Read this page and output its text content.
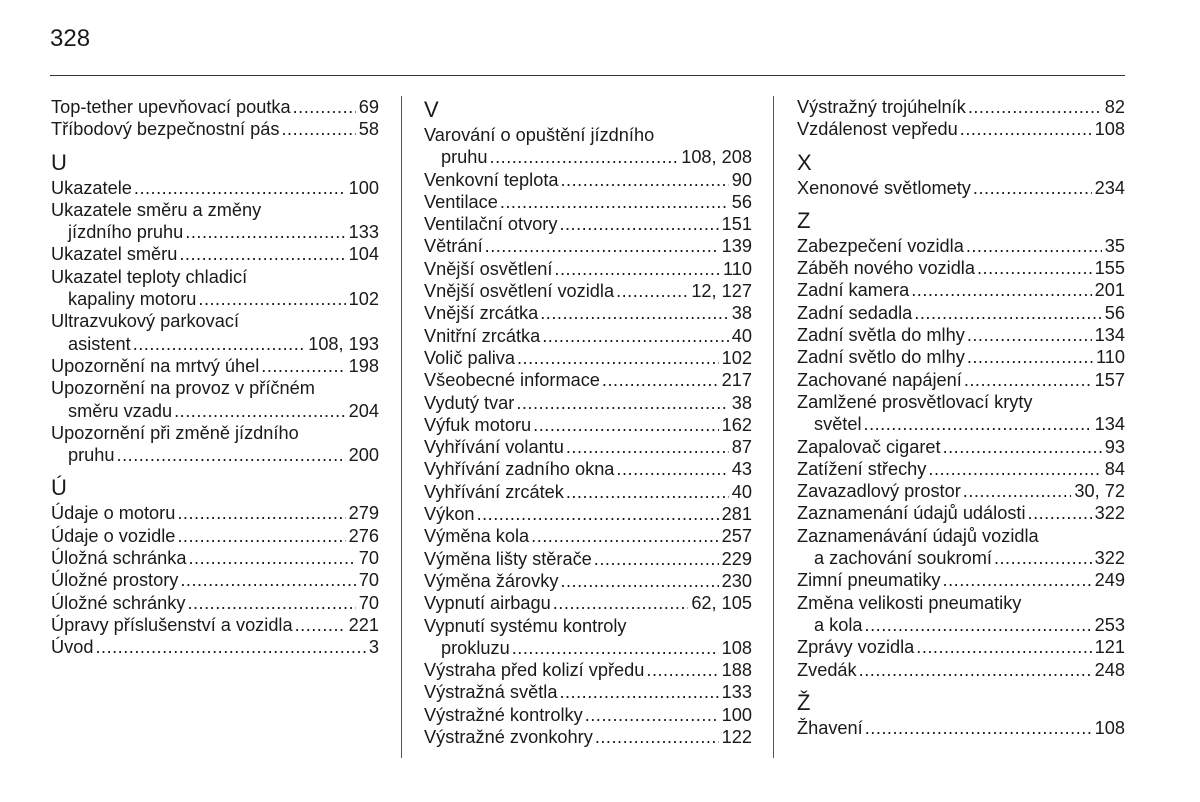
328
Top-tether upevňovací poutka .....	69
Tříbodový bezpečnostní pás .....	58
U
Ukazatele .....	100
Ukazatele směru a změny
jízdního pruhu .....	133
Ukazatel směru .....	104
Ukazatel teploty chladicí
kapaliny motoru .....	102
Ultrazvukový parkovací
asistent .....	108, 193
Upozornění na mrtvý úhel .....	198
Upozornění na provoz v příčném
směru vzadu .....	204
Upozornění při změně jízdního
pruhu .....	200
Ú
Údaje o motoru .....	279
Údaje o vozidle .....	276
Úložná schránka .....	70
Úložné prostory .....	70
Úložné schránky .....	70
Úpravy příslušenství a vozidla .....	221
Úvod .....	3
V
Varování o opuštění jízdního
pruhu .....	108, 208
Venkovní teplota .....	90
Ventilace .....	56
Ventilační otvory .....	151
Větrání .....	139
Vnější osvětlení .....	110
Vnější osvětlení vozidla .....	12, 127
Vnější zrcátka .....	38
Vnitřní zrcátka .....	40
Volič paliva .....	102
Všeobecné informace .....	217
Vydutý tvar .....	38
Výfuk motoru .....	162
Vyhřívání volantu .....	87
Vyhřívání zadního okna .....	43
Vyhřívání zrcátek .....	40
Výkon .....	281
Výměna kola .....	257
Výměna lišty stěrače .....	229
Výměna žárovky .....	230
Vypnutí airbagu .....	62, 105
Vypnutí systému kontroly
prokluzu .....	108
Výstraha před kolizí vpředu .....	188
Výstražná světla .....	133
Výstražné kontrolky .....	100
Výstražné zvonkohry .....	122
Výstražný trojúhelník .....	82
Vzdálenost vepředu .....	108
X
Xenonové světlomety .....	234
Z
Zabezpečení vozidla .....	35
Záběh nového vozidla .....	155
Zadní kamera .....	201
Zadní sedadla .....	56
Zadní světla do mlhy .....	134
Zadní světlo do mlhy .....	110
Zachované napájení .....	157
Zamlžené prosvětlovací kryty
světel .....	134
Zapalovač cigaret .....	93
Zatížení střechy .....	84
Zavazadlový prostor .....	30, 72
Zaznamenání údajů události .....	322
Zaznamenávání údajů vozidla
a zachování soukromí .....	322
Zimní pneumatiky .....	249
Změna velikosti pneumatiky
a kola .....	253
Zprávy vozidla .....	121
Zvedák .....	248
Ž
Žhavení .....	108
